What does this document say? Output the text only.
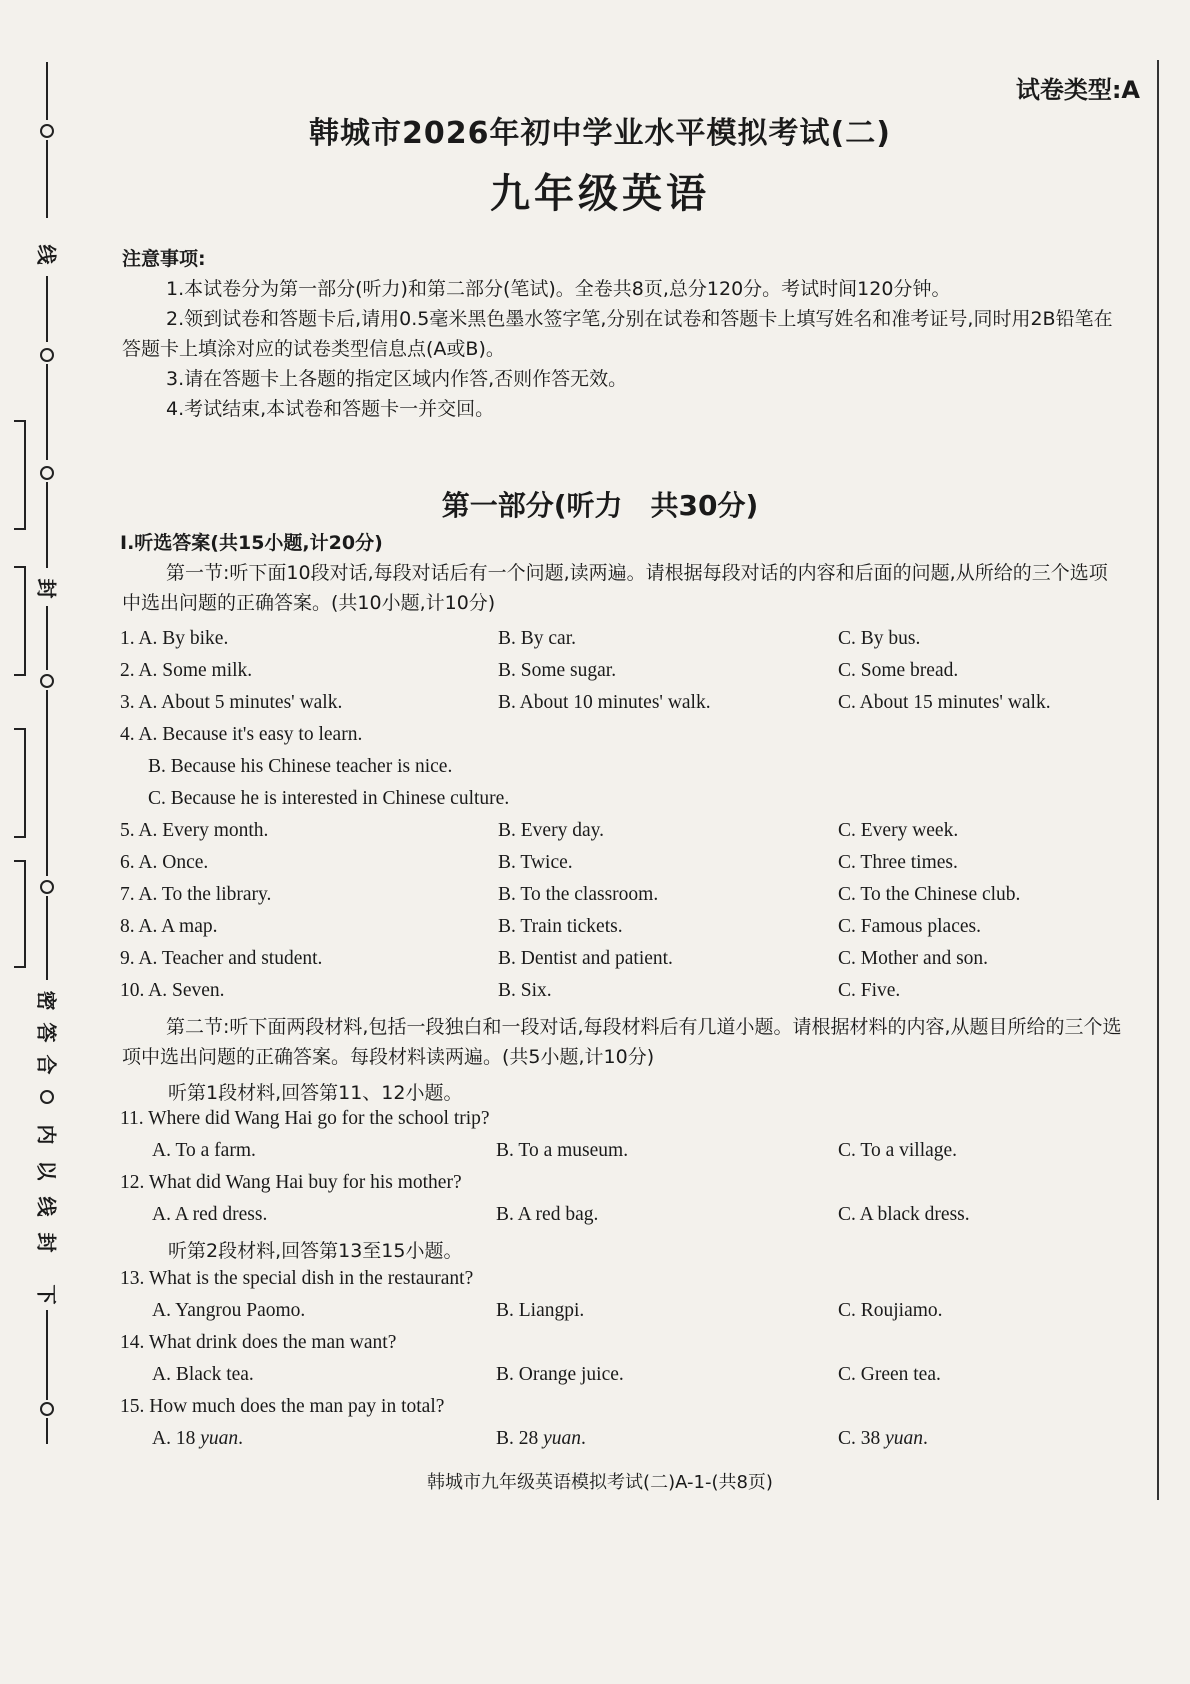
线
封
密
答
合
内
以
线
封
下
试卷类型:A
韩城市2026年初中学业水平模拟考试(二)
九年级英语
注意事项:
1.本试卷分为第一部分(听力)和第二部分(笔试)。全卷共8页,总分120分。考试时间120分钟。
2.领到试卷和答题卡后,请用0.5毫米黑色墨水签字笔,分别在试卷和答题卡上填写姓名和准考证号,同时用2B铅笔在答题卡上填涂对应的试卷类型信息点(A或B)。
3.请在答题卡上各题的指定区域内作答,否则作答无效。
4.考试结束,本试卷和答题卡一并交回。
第一部分(听力　共30分)
Ⅰ.听选答案(共15小题,计20分)
第一节:听下面10段对话,每段对话后有一个问题,读两遍。请根据每段对话的内容和后面的问题,从所给的三个选项中选出问题的正确答案。(共10小题,计10分)
1. A. By bike.	B. By car.	C. By bus.
2. A. Some milk.	B. Some sugar.	C. Some bread.
3. A. About 5 minutes' walk.	B. About 10 minutes' walk.	C. About 15 minutes' walk.
4. A. Because it's easy to learn.
B. Because his Chinese teacher is nice.
C. Because he is interested in Chinese culture.
5. A. Every month.	B. Every day.	C. Every week.
6. A. Once.	B. Twice.	C. Three times.
7. A. To the library.	B. To the classroom.	C. To the Chinese club.
8. A. A map.	B. Train tickets.	C. Famous places.
9. A. Teacher and student.	B. Dentist and patient.	C. Mother and son.
10. A. Seven.	B. Six.	C. Five.
第二节:听下面两段材料,包括一段独白和一段对话,每段材料后有几道小题。请根据材料的内容,从题目所给的三个选项中选出问题的正确答案。每段材料读两遍。(共5小题,计10分)
听第1段材料,回答第11、12小题。
11. Where did Wang Hai go for the school trip?
A. To a farm.	B. To a museum.	C. To a village.
12. What did Wang Hai buy for his mother?
A. A red dress.	B. A red bag.	C. A black dress.
听第2段材料,回答第13至15小题。
13. What is the special dish in the restaurant?
A. Yangrou Paomo.	B. Liangpi.	C. Roujiamo.
14. What drink does the man want?
A. Black tea.	B. Orange juice.	C. Green tea.
15. How much does the man pay in total?
A. 18 yuan.	B. 28 yuan.	C. 38 yuan.
韩城市九年级英语模拟考试(二)A-1-(共8页)
